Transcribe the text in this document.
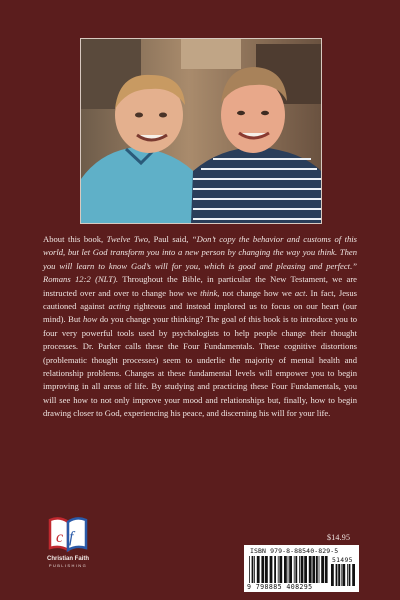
About this book, Twelve Two, Paul said, “Don’t copy the behavior and customs of this world, but let God transform you into a new person by changing the way you think. Then you will learn to know God’s will for you, which is good and pleasing and perfect.” Romans 12:2 (NLT). Throughout the Bible, in particular the New Testament, we are instructed over and over to change how we think, not change how we act. In fact, Jesus cautioned against acting righteous and instead implored us to focus on our heart (our mind). But how do you change your thinking? The goal of this book is to introduce you to four very powerful tools used by psychologists to help people change their thought processes. Dr. Parker calls these the Four Fundamentals. These cognitive distortions (problematic thought processes) seem to underlie the majority of mental health and relationship problems. Changes at these fundamental levels will empower you to begin improving in all areas of life. By studying and practicing these Four Fundamentals, you will see how to not only improve your mood and relationships but, finally, how to begin drawing closer to God, experiencing his peace, and discerning his will for your life.

$14.95
ISBN 979-8-88540-829-5
9 798885 408295
51495
c f
Christian Faith
PUBLISHING
